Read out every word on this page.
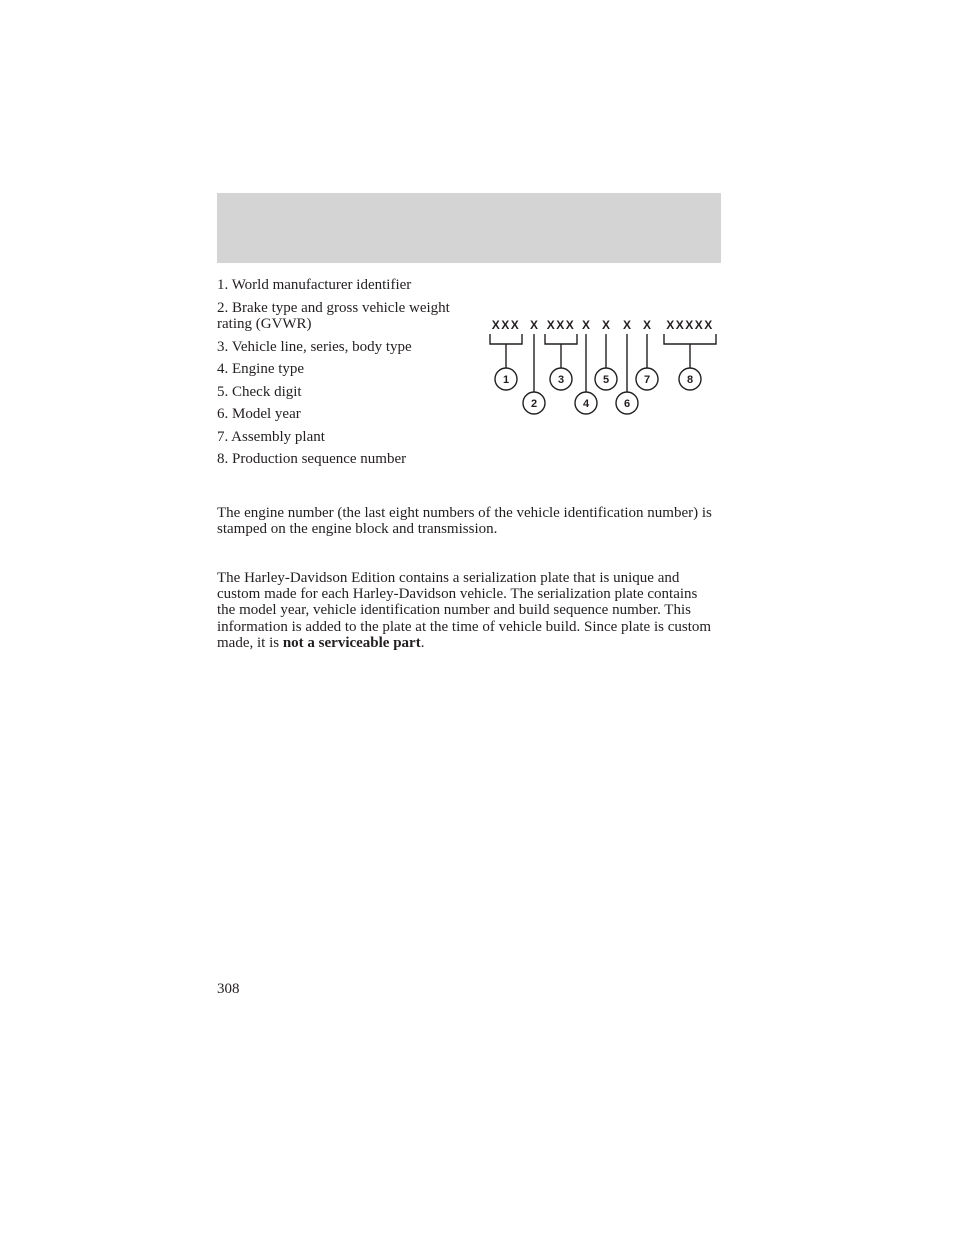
1. World manufacturer identifier
2. Brake type and gross vehicle weight rating (GVWR)
3. Vehicle line, series, body type
4. Engine type
5. Check digit
6. Model year
7. Assembly plant
8. Production sequence number
XXX X XXX X X X X XXXXX
1
2
3
4
5
6
7	8

The engine number (the last eight numbers of the vehicle identification number) is stamped on the engine block and transmission.

The Harley-Davidson Edition contains a serialization plate that is unique and custom made for each Harley-Davidson vehicle. The serialization plate contains the model year, vehicle identification number and build sequence number. This information is added to the plate at the time of vehicle build. Since plate is custom made, it is not a serviceable part.

308
